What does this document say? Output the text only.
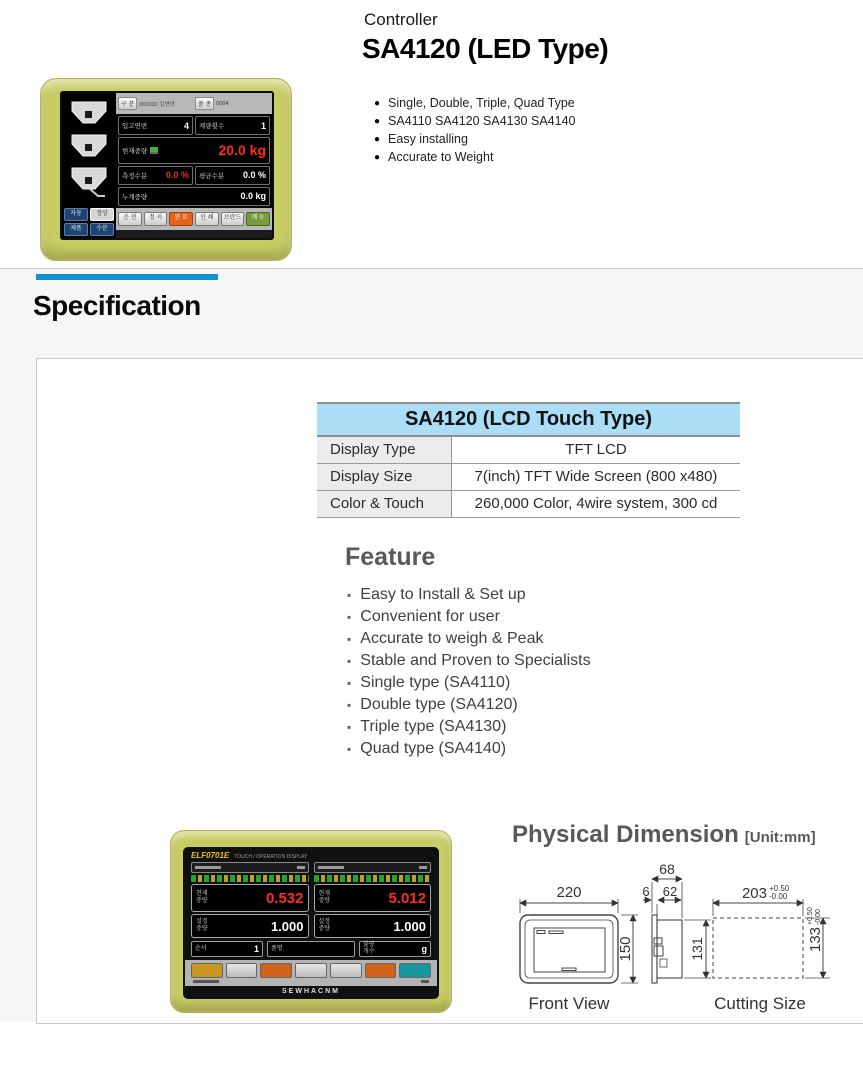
Controller
SA4120 (LED Type)
● Single, Double, Triple, Quad Type
● SA4110 SA4120 SA4130 SA4140
● Easy installing
● Accurate to Weight
자동	정상
제품	수분
구 분 001010 김현학	품 종 0004
입고연번	4 계량횟수	1
현재중량	20.0 kg
측정수분 0.0 % 평균수분 0.0 %
누계중량	0.0 kg
운 전	정 지	완 료	인 쇄	브란드	메 뉴
Specification
SA4120 (LCD Touch Type)
Display Type	TFT LCD
Display Size	7(inch) TFT Wide Screen (800 x480)
Color & Touch	260,000 Color, 4wire system, 300 cd
Feature
▪ Easy to Install & Set up
▪ Convenient for user
▪ Accurate to weigh & Peak
▪ Stable and Proven to Specialists
▪ Single type (SA4110)
▪ Double type (SA4120)
▪ Triple type (SA4130)
▪ Quad type (SA4140)
ELF0701E TOUCH / OPERATION DISPLAY
현재중량	0.532
설정중량	1.000
현재중량	5.012
설정중량	1.000
순서	1 품명
불량개수	g
SEWHACNM
Physical Dimension [Unit:mm]
220
150
Front View
68
6 62
131
203 +0.50
-0.00
133
+0.50 -0.00
Cutting Size
